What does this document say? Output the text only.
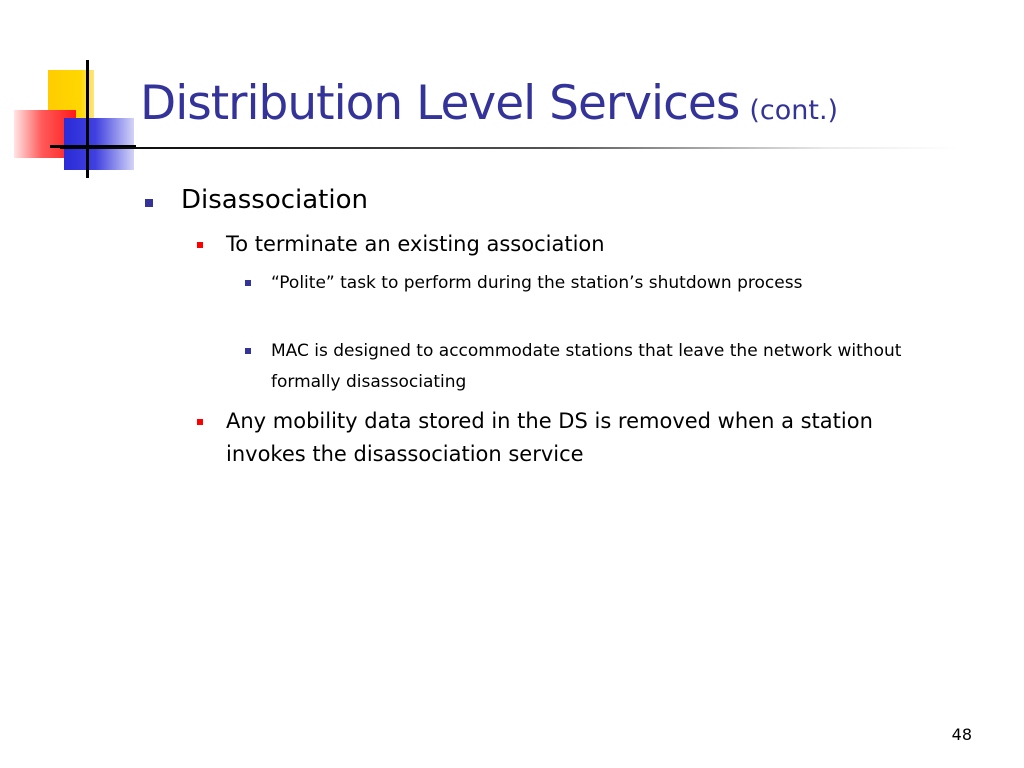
Distribution Level Services (cont.)
Disassociation
To terminate an existing association
“Polite” task to perform during the station’s shutdown process
MAC is designed to accommodate stations that leave the network without formally disassociating
Any mobility data stored in the DS is removed when a station invokes the disassociation service
48
